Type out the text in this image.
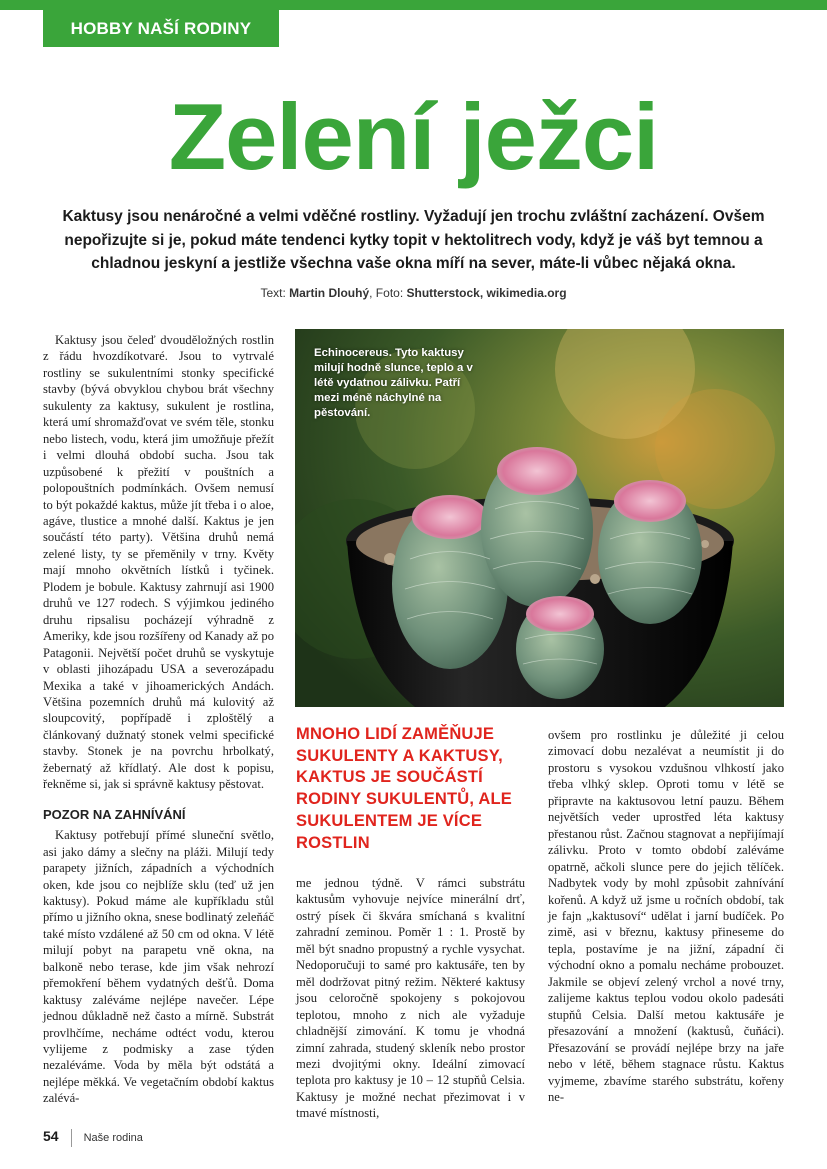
HOBBY NAŠÍ RODINY
Zelení ježci
Kaktusy jsou nenáročné a velmi vděčné rostliny. Vyžadují jen trochu zvláštní zacházení. Ovšem nepořizujte si je, pokud máte tendenci kytky topit v hektolitrech vody, když je váš byt temnou a chladnou jeskyní a jestliže všechna vaše okna míří na sever, máte-li vůbec nějaká okna.
Text: Martin Dlouhý, Foto: Shutterstock, wikimedia.org

Kaktusy jsou čeleď dvouděložných rostlin z řádu hvozdíkotvaré. Jsou to vytrvalé rostliny se sukulentními stonky specifické stavby (bývá obvyklou chybou brát všechny sukulenty za kaktusy, sukulent je rostlina, která umí shromažďovat ve svém těle, stonku nebo listech, vodu, která jim umožňuje přežít i velmi dlouhá období sucha. Jsou tak uzpůsobené k přežití v pouštních a polopouštních podmínkách. Ovšem nemusí to být pokaždé kaktus, může jít třeba i o aloe, agáve, tlustice a mnohé další. Kaktus je jen součástí této party). Většina druhů nemá zelené listy, ty se přeměnily v trny. Květy mají mnoho okvětních lístků i tyčinek. Plodem je bobule. Kaktusy zahrnují asi 1900 druhů ve 127 rodech. S výjimkou jediného druhu ripsalisu pocházejí výhradně z Ameriky, kde jsou rozšířeny od Kanady až po Patagonii. Největší počet druhů se vyskytuje v oblasti jihozápadu USA a severozápadu Mexika a také v jihoamerických Andách. Většina pozemních druhů má kulovitý až sloupcovitý, popřípadě i zploštělý a článkovaný dužnatý stonek velmi specifické stavby. Stonek je na povrchu hrbolkatý, žebernatý až křídlatý. Ale dost k popisu, řekněme si, jak si správně kaktusy pěstovat.

POZOR NA ZAHNÍVÁNÍ

Kaktusy potřebují přímé sluneční světlo, asi jako dámy a slečny na pláži. Milují tedy parapety jižních, západních a východních oken, kde jsou co nejblíže sklu (teď už jen kaktusy). Pokud máme ale kupříkladu stůl přímo u jižního okna, snese bodlinatý zeleňáč také místo vzdálené až 50 cm od okna. V létě milují pobyt na parapetu vně okna, na balkoně nebo terase, kde jim však nehrozí přemokření během vydatných dešťů. Doma kaktusy zaléváme nejlépe navečer. Lépe jednou důkladně než často a mírně. Substrát provlhčíme, necháme odtéct vodu, kterou vylijeme z podmisky a zase týden nezaléváme. Voda by měla být odstátá a nejlépe měkká. Ve vegetačním období kaktus zalévá-

Echinocereus. Tyto kaktusy milují hodně slunce, teplo a v létě vydatnou zálivku. Patří mezi méně náchylné na pěstování.
MNOHO LIDÍ ZAMĚŇUJE SUKULENTY A KAKTUSY, KAKTUS JE SOUČÁSTÍ RODINY SUKULENTŮ, ALE SUKULENTEM JE VÍCE ROSTLIN
me jednou týdně. V rámci substrátu kaktusům vyhovuje nejvíce minerální drť, ostrý písek či škvára smíchaná s kvalitní zahradní zeminou. Poměr 1 : 1. Prostě by měl být snadno propustný a rychle vysychat. Nedoporučuji to samé pro kaktusáře, ten by měl dodržovat pitný režim. Některé kaktusy jsou celoročně spokojeny s pokojovou teplotou, mnoho z nich ale vyžaduje chladnější zimování. K tomu je vhodná zimní zahrada, studený skleník nebo prostor mezi dvojitými okny. Ideální zimovací teplota pro kaktusy je 10 – 12 stupňů Celsia. Kaktusy je možné nechat přezimovat i v tmavé místnosti,
ovšem pro rostlinku je důležité ji celou zimovací dobu nezalévat a neumístit ji do prostoru s vysokou vzdušnou vlhkostí jako třeba vlhký sklep. Oproti tomu v létě se připravte na kaktusovou letní pauzu. Během největších veder uprostřed léta kaktusy přestanou růst. Začnou stagnovat a nepřijímají zálivku. Proto v tomto období zaléváme opatrně, ačkoli slunce pere do jejich tělíček. Nadbytek vody by mohl způsobit zahnívání kořenů. A když už jsme u ročních období, tak je fajn „kaktusoví“ udělat i jarní budíček. Po zimě, asi v březnu, kaktusy přineseme do tepla, postavíme je na jižní, západní či východní okno a pomalu necháme probouzet. Jakmile se objeví zelený vrchol a nové trny, zalijeme kaktus teplou vodou okolo padesáti stupňů Celsia. Další metou kaktusáře je přesazování a množení (kaktusů, čuňáci). Přesazování se provádí nejlépe brzy na jaře nebo v létě, během stagnace růstu. Kaktus vyjmeme, zbavíme starého substrátu, kořeny ne-
54 Naše rodina
